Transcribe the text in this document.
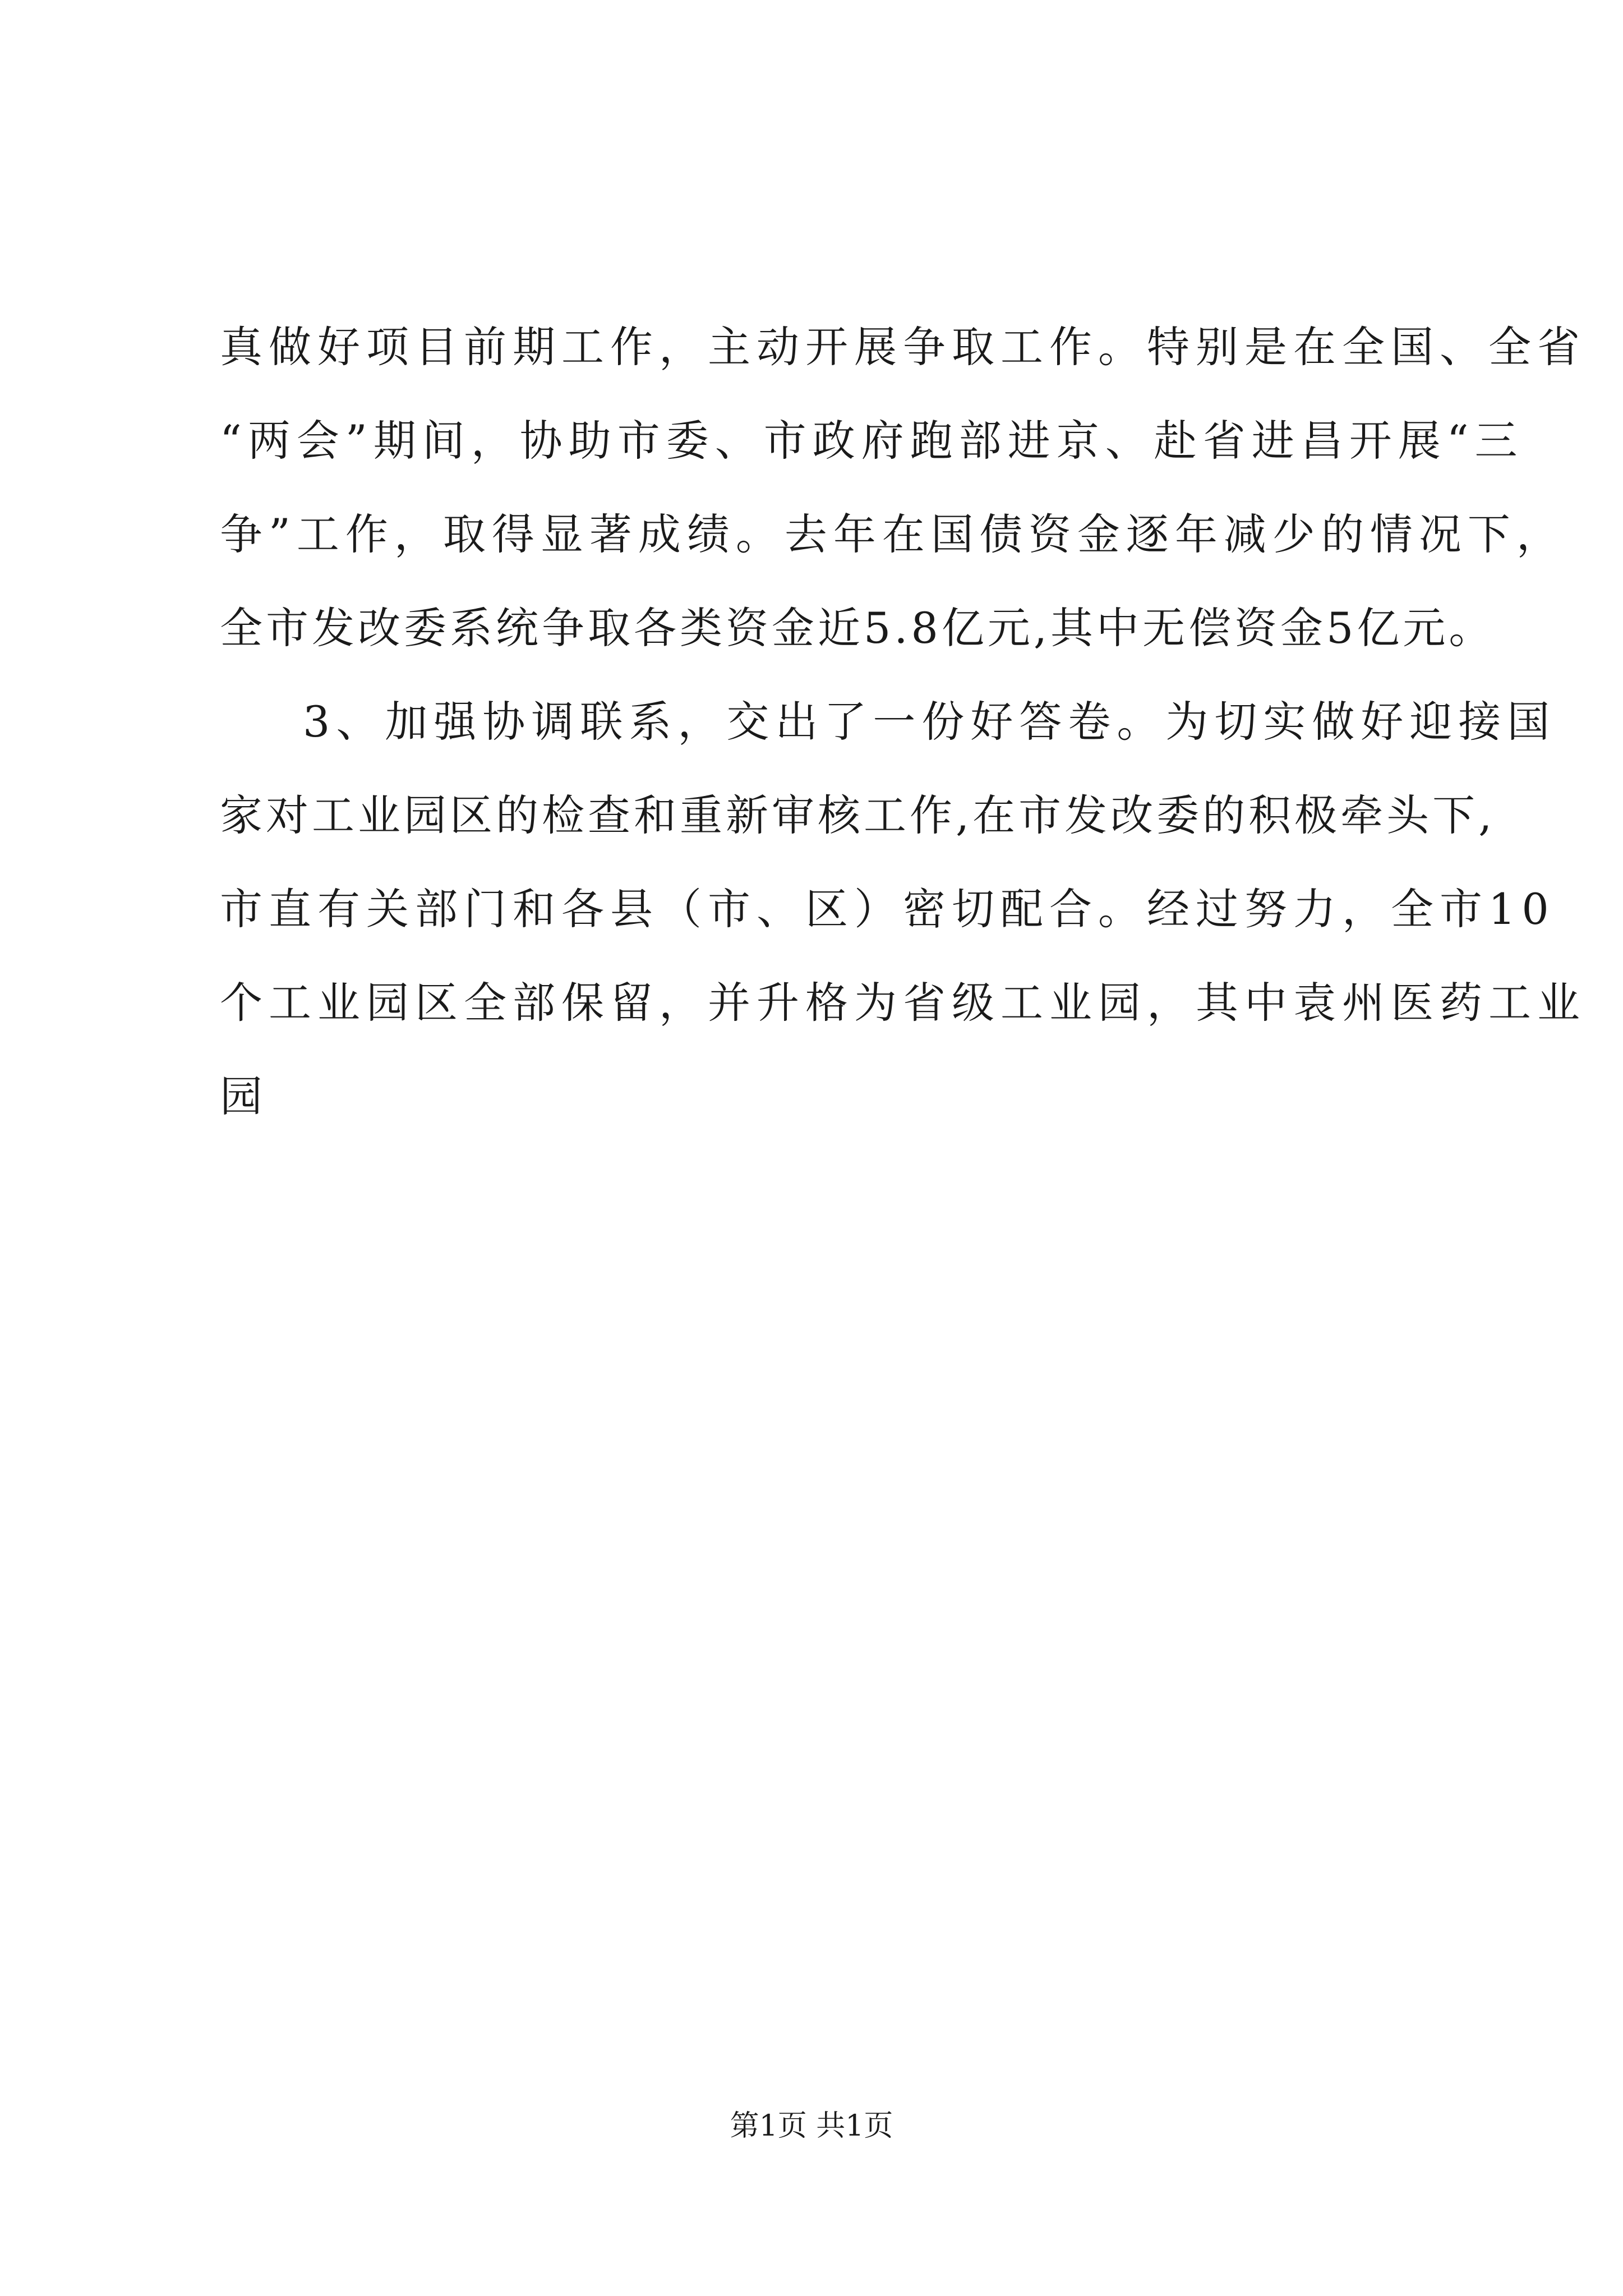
真做好项目前期工作，主动开展争取工作。特别是在全国、全省
“两会”期间，协助市委、市政府跑部进京、赴省进昌开展“三
争”工作，取得显著成绩。去年在国债资金逐年减少的情况下，
全市发改委系统争取各类资金近5.8亿元,其中无偿资金5亿元。
3、加强协调联系，交出了一份好答卷。为切实做好迎接国
家对工业园区的检查和重新审核工作,在市发改委的积极牵头下,
市直有关部门和各县（市、区）密切配合。经过努力，全市10
个工业园区全部保留，并升格为省级工业园，其中袁州医药工业
园
第1页 共1页
